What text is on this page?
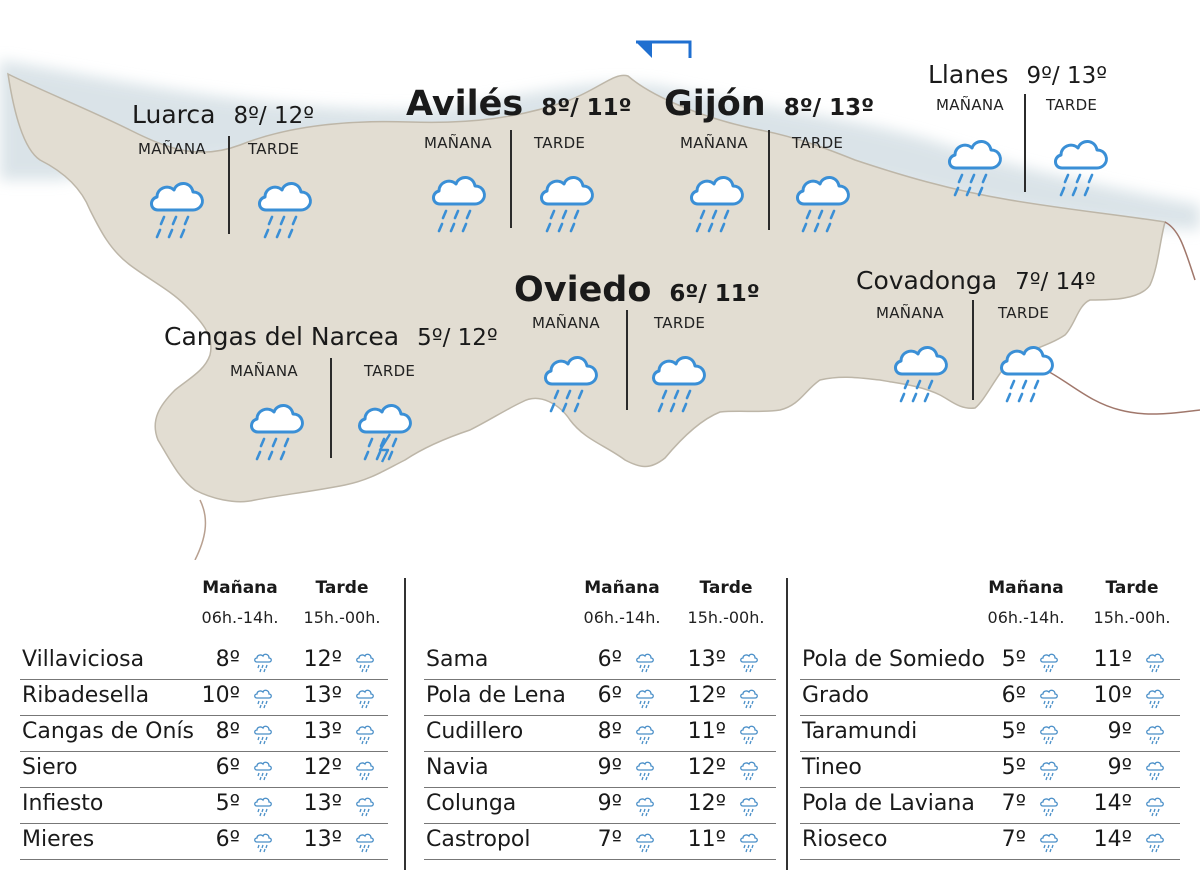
Luarca 8º/ 12º
MAÑANA	TARDE
Avilés 8º/ 11º
MAÑANA	TARDE
Gijón 8º/ 13º
MAÑANA	TARDE
Llanes 9º/ 13º
MAÑANA	TARDE
Oviedo 6º/ 11º
MAÑANA	TARDE
Covadonga 7º/ 14º
MAÑANA	TARDE
Cangas del Narcea 5º/ 12º
MAÑANA	TARDE
Mañana	Tarde
06h.-14h.	15h.-00h.
Villaviciosa	8º	12º
Ribadesella	10º	13º
Cangas de Onís 8º	13º
Siero	6º	12º
Infiesto	5º	13º
Mieres	6º	13º
Mañana	Tarde
06h.-14h.	15h.-00h.
Sama	6º	13º
Pola de Lena	6º	12º
Cudillero	8º	11º
Navia	9º	12º
Colunga	9º	12º
Castropol	7º	11º
Mañana	Tarde
06h.-14h.	15h.-00h.
Pola de Somiedo 5º	11º
Grado	6º	10º
Taramundi	5º	9º
Tineo	5º	9º
Pola de Laviana	7º	14º
Rioseco	7º	14º
